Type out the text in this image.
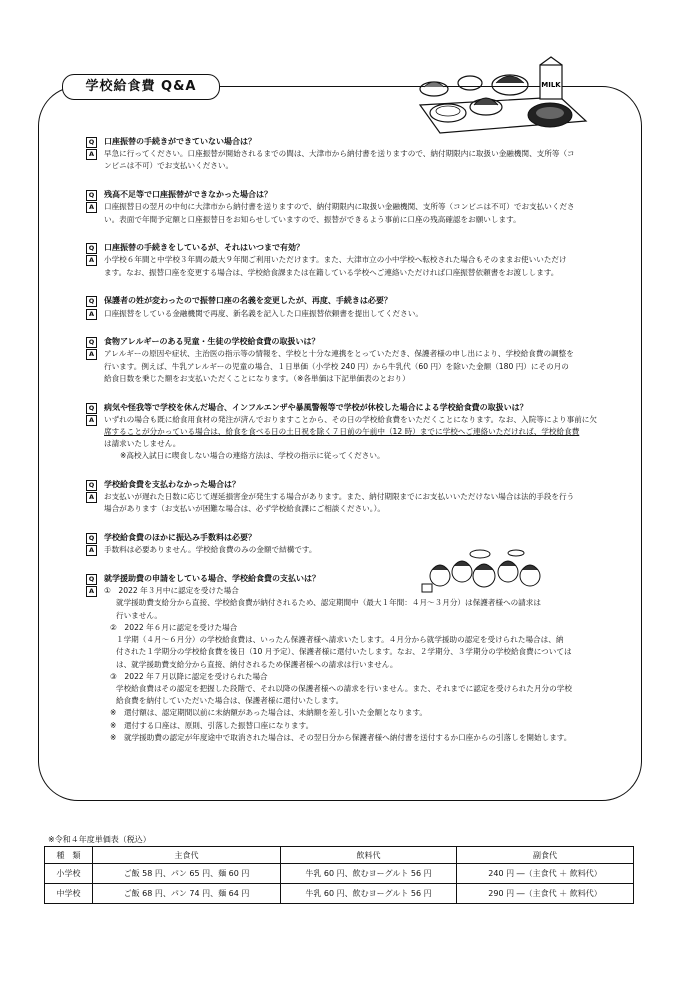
学校給食費 Q&A	MILK
Q	口座振替の手続きができていない場合は？
A	早急に行ってください。口座振替が開始されるまでの間は、大津市から納付書を送りますので、納付期限内に取扱い金融機関、支所等（コ
ンビニは不可）でお支払いください。
Q	残高不足等で口座振替ができなかった場合は？
A	口座振替日の翌月の中旬に大津市から納付書を送りますので、納付期限内に取扱い金融機関、支所等（コンビニは不可）でお支払いくださ
い。表面で年間予定額と口座振替日をお知らせしていますので、振替ができるよう事前に口座の残高確認をお願いします。
Q	口座振替の手続きをしているが、それはいつまで有効？
A	小学校６年間と中学校３年間の最大９年間ご利用いただけます。また、大津市立の小中学校へ転校された場合もそのままお使いいただけ
ます。なお、振替口座を変更する場合は、学校給食課または在籍している学校へご連絡いただければ口座振替依頼書をお渡しします。
Q	保護者の姓が変わったので振替口座の名義を変更したが、再度、手続きは必要？
A	口座振替をしている金融機関で再度、新名義を記入した口座振替依頼書を提出してください。
Q	食物アレルギーのある児童・生徒の学校給食費の取扱いは？
A	アレルギーの原因や症状、主治医の指示等の情報を、学校と十分な連携をとっていただき、保護者様の申し出により、学校給食費の調整を
行います。例えば、牛乳アレルギーの児童の場合、１日単価（小学校 240 円）から牛乳代（60 円）を除いた金額（180 円）にその月の
給食日数を乗じた額をお支払いただくことになります。（※各単価は下記単価表のとおり）
Q	病気や怪我等で学校を休んだ場合、インフルエンザや暴風警報等で学校が休校した場合による学校給食費の取扱いは？
A	いずれの場合も既に給食用食材の発注が済んでおりますことから、その日の学校給食費をいただくことになります。なお、入院等により事前に欠
席することが分かっている場合は、給食を食べる日の土日祝を除く７日前の午前中（12 時）までに学校へご連絡いただければ、学校給食費
は請求いたしません。
※高校入試日に喫食しない場合の連絡方法は、学校の指示に従ってください。
Q	学校給食費を支払わなかった場合は？
A	お支払いが遅れた日数に応じて遅延損害金が発生する場合があります。また、納付期限までにお支払いいただけない場合は法的手段を行う
場合があります（お支払いが困難な場合は、必ず学校給食課にご相談ください。）。
Q	学校給食費のほかに振込み手数料は必要？
A	手数料は必要ありません。学校給食費のみの金額で結構です。
Q	就学援助費の申請をしている場合、学校給食費の支払いは？
A	①　2022 年３月中に認定を受けた場合
就学援助費支給分から直接、学校給食費が納付されるため、認定期間中（最大１年間：４月～３月分）は保護者様への請求は
行いません。
②　2022 年６月に認定を受けた場合
１学期（４月～６月分）の学校給食費は、いったん保護者様へ請求いたします。４月分から就学援助の認定を受けられた場合は、納
付された１学期分の学校給食費を後日（10 月予定）、保護者様に還付いたします。なお、２学期分、３学期分の学校給食費については
は、就学援助費支給分から直接、納付されるため保護者様への請求は行いません。
③　2022 年７月以降に認定を受けられた場合
学校給食費はその認定を把握した段階で、それ以降の保護者様への請求を行いません。また、それまでに認定を受けられた月分の学校
給食費を納付していただいた場合は、保護者様に還付いたします。
※　還付額は、認定期間以前に未納額があった場合は、未納額を差し引いた金額となります。
※　還付する口座は、原則、引落した振替口座になります。
※　就学援助費の認定が年度途中で取消された場合は、その翌日分から保護者様へ納付書を送付するか口座からの引落しを開始します。
※令和４年度単価表（税込）
種　類	主食代	飲料代	副食代
小学校	ご飯 58 円、パン 65 円、麺 60 円	牛乳 60 円、飲むヨーグルト 56 円	240 円 ―（主食代 ＋ 飲料代）
中学校	ご飯 68 円、パン 74 円、麺 64 円	牛乳 60 円、飲むヨーグルト 56 円	290 円 ―（主食代 ＋ 飲料代）
